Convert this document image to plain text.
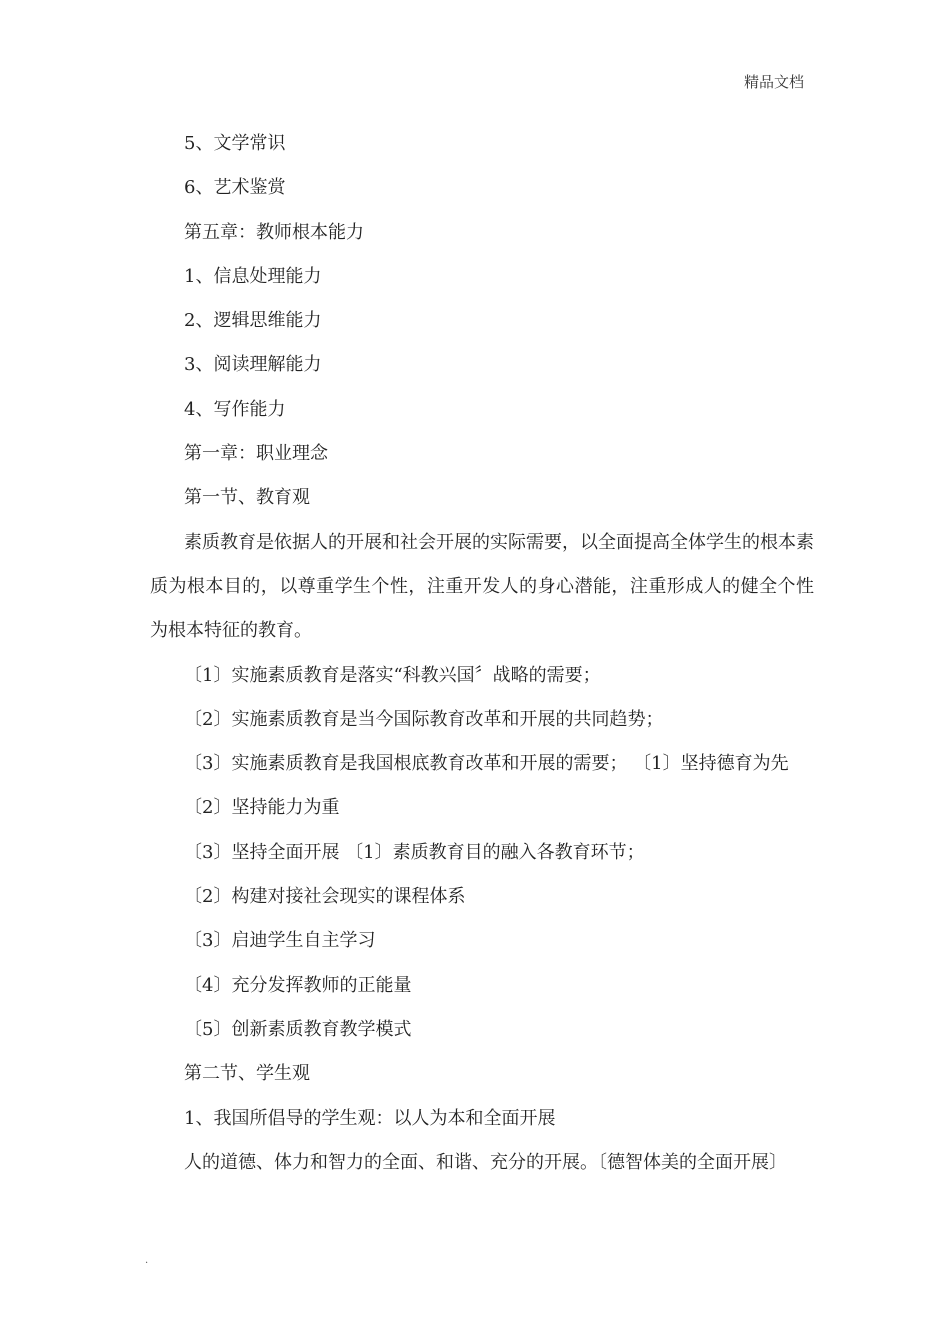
精品文档

5、文学常识

6、艺术鉴赏

第五章：教师根本能力

1、信息处理能力

2、逻辑思维能力

3、阅读理解能力

4、写作能力

第一章：职业理念

第一节、教育观

素质教育是依据人的开展和社会开展的实际需要，以全面提高全体学生的根本素质为根本目的，以尊重学生个性，注重开发人的身心潜能，注重形成人的健全个性为根本特征的教育。

〔1〕实施素质教育是落实“科教兴国〞战略的需要；

〔2〕实施素质教育是当今国际教育改革和开展的共同趋势；

〔3〕实施素质教育是我国根底教育改革和开展的需要； 〔1〕坚持德育为先

〔2〕坚持能力为重

〔3〕坚持全面开展 〔1〕素质教育目的融入各教育环节；

〔2〕构建对接社会现实的课程体系

〔3〕启迪学生自主学习

〔4〕充分发挥教师的正能量

〔5〕创新素质教育教学模式

第二节、学生观

1、我国所倡导的学生观：以人为本和全面开展

人的道德、体力和智力的全面、和谐、充分的开展。〔德智体美的全面开展〕

.
